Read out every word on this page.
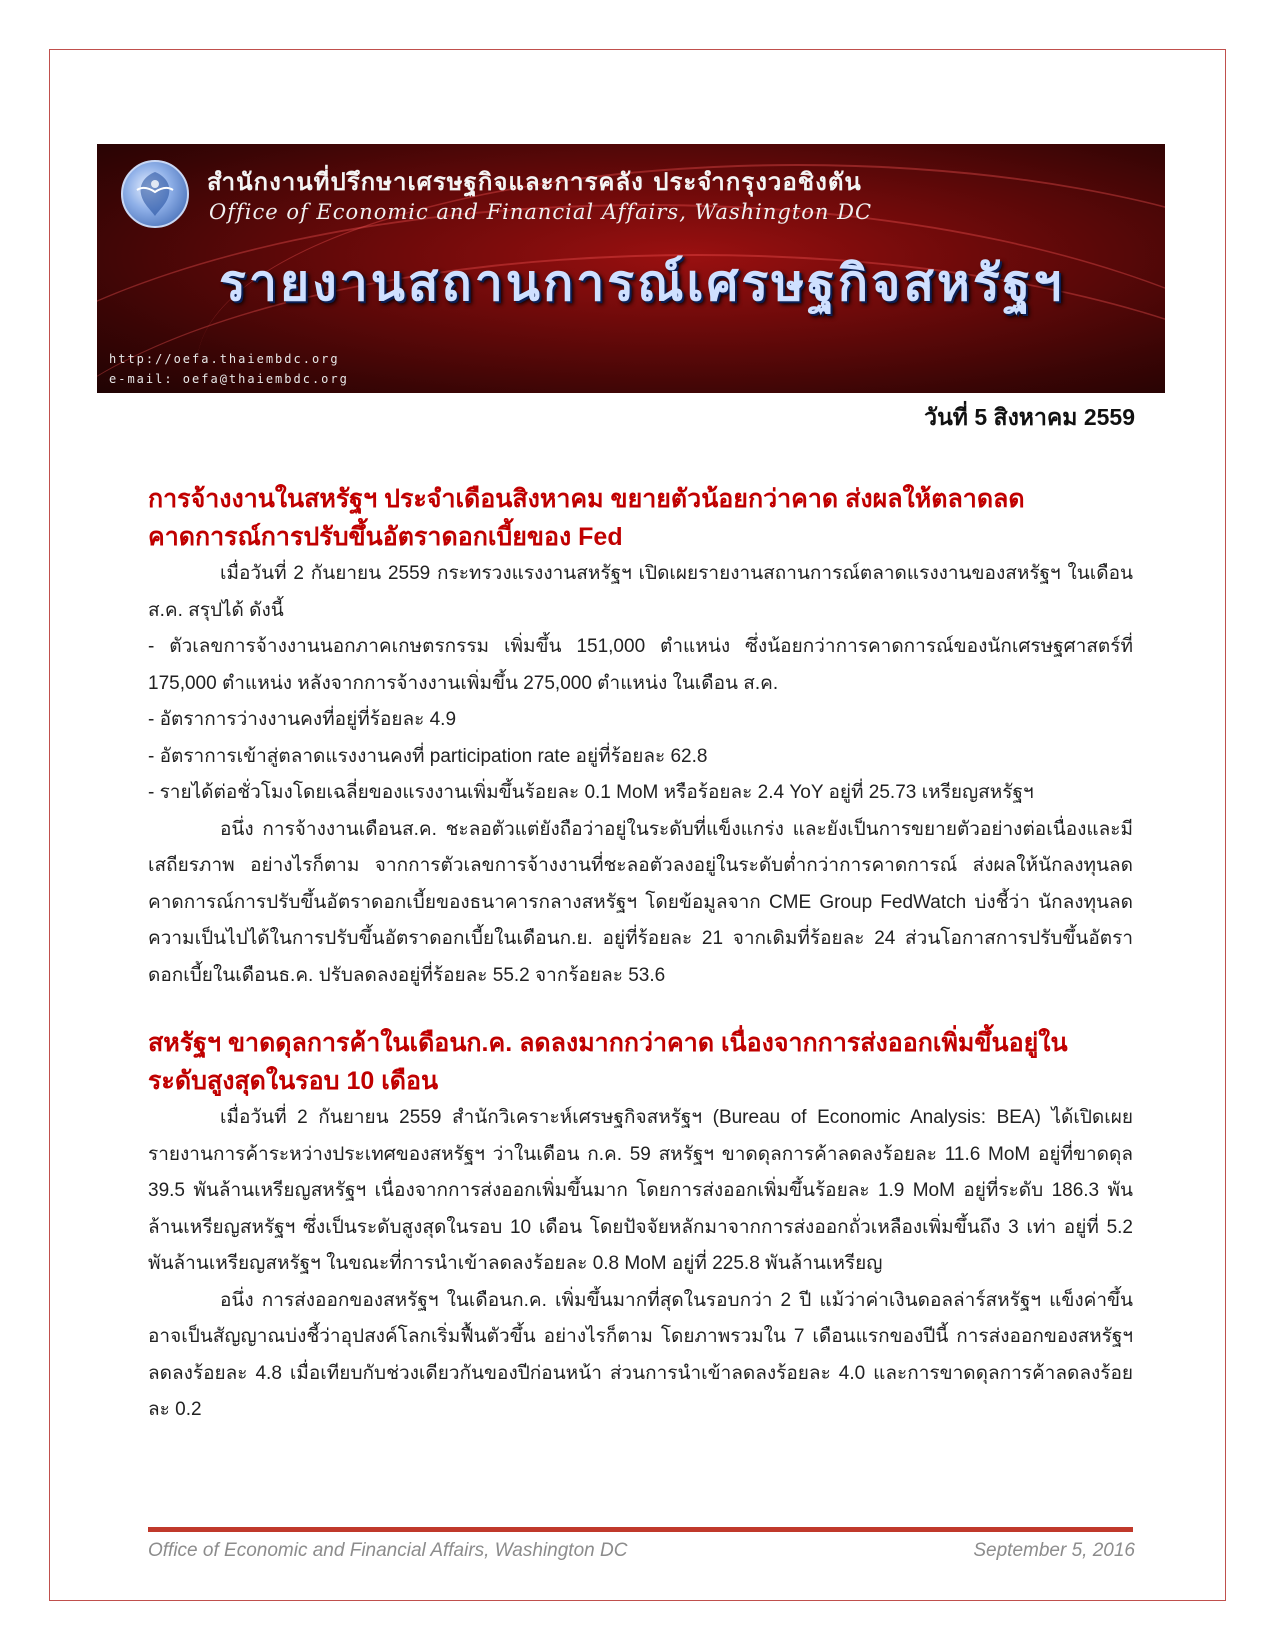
สำนักงานที่ปรึกษาเศรษฐกิจและการคลัง ประจำกรุงวอชิงตัน
Office of Economic and Financial Affairs, Washington DC
รายงานสถานการณ์เศรษฐกิจสหรัฐฯ
http://oefa.thaiembdc.org
e-mail: oefa@thaiembdc.org
วันที่ 5 สิงหาคม 2559
การจ้างงานในสหรัฐฯ ประจำเดือนสิงหาคม ขยายตัวน้อยกว่าคาด ส่งผลให้ตลาดลด
คาดการณ์การปรับขึ้นอัตราดอกเบี้ยของ Fed

เมื่อวันที่ 2 กันยายน 2559 กระทรวงแรงงานสหรัฐฯ เปิดเผยรายงานสถานการณ์ตลาดแรงงานของสหรัฐฯ ในเดือนส.ค. สรุปได้ ดังนี้

- ตัวเลขการจ้างงานนอกภาคเกษตรกรรม เพิ่มขึ้น 151,000 ตำแหน่ง ซึ่งน้อยกว่าการคาดการณ์ของนักเศรษฐศาสตร์ที่ 175,000 ตำแหน่ง หลังจากการจ้างงานเพิ่มขึ้น 275,000 ตำแหน่ง ในเดือน ส.ค.

- อัตราการว่างงานคงที่อยู่ที่ร้อยละ 4.9

- อัตราการเข้าสู่ตลาดแรงงานคงที่ participation rate อยู่ที่ร้อยละ 62.8

- รายได้ต่อชั่วโมงโดยเฉลี่ยของแรงงานเพิ่มขึ้นร้อยละ 0.1 MoM หรือร้อยละ 2.4 YoY อยู่ที่ 25.73 เหรียญสหรัฐฯ

อนึ่ง การจ้างงานเดือนส.ค. ชะลอตัวแต่ยังถือว่าอยู่ในระดับที่แข็งแกร่ง และยังเป็นการขยายตัวอย่างต่อเนื่องและมีเสถียรภาพ อย่างไรก็ตาม จากการตัวเลขการจ้างงานที่ชะลอตัวลงอยู่ในระดับต่ำกว่าการคาดการณ์ ส่งผลให้นักลงทุนลดคาดการณ์การปรับขึ้นอัตราดอกเบี้ยของธนาคารกลางสหรัฐฯ โดยข้อมูลจาก CME Group FedWatch บ่งชี้ว่า นักลงทุนลดความเป็นไปได้ในการปรับขึ้นอัตราดอกเบี้ยในเดือนก.ย. อยู่ที่ร้อยละ 21 จากเดิมที่ร้อยละ 24 ส่วนโอกาสการปรับขึ้นอัตราดอกเบี้ยในเดือนธ.ค. ปรับลดลงอยู่ที่ร้อยละ 55.2 จากร้อยละ 53.6

สหรัฐฯ ขาดดุลการค้าในเดือนก.ค. ลดลงมากกว่าคาด เนื่องจากการส่งออกเพิ่มขึ้นอยู่ใน
ระดับสูงสุดในรอบ 10 เดือน

เมื่อวันที่ 2 กันยายน 2559 สำนักวิเคราะห์เศรษฐกิจสหรัฐฯ (Bureau of Economic Analysis: BEA) ได้เปิดเผยรายงานการค้าระหว่างประเทศของสหรัฐฯ ว่าในเดือน ก.ค. 59 สหรัฐฯ ขาดดุลการค้าลดลงร้อยละ 11.6 MoM อยู่ที่ขาดดุล 39.5 พันล้านเหรียญสหรัฐฯ เนื่องจากการส่งออกเพิ่มขึ้นมาก โดยการส่งออกเพิ่มขึ้นร้อยละ 1.9 MoM อยู่ที่ระดับ 186.3 พันล้านเหรียญสหรัฐฯ ซึ่งเป็นระดับสูงสุดในรอบ 10 เดือน โดยปัจจัยหลักมาจากการส่งออกถั่วเหลืองเพิ่มขึ้นถึง 3 เท่า อยู่ที่ 5.2 พันล้านเหรียญสหรัฐฯ ในขณะที่การนำเข้าลดลงร้อยละ 0.8 MoM อยู่ที่ 225.8 พันล้านเหรียญ

อนึ่ง การส่งออกของสหรัฐฯ ในเดือนก.ค. เพิ่มขึ้นมากที่สุดในรอบกว่า 2 ปี แม้ว่าค่าเงินดอลล่าร์สหรัฐฯ แข็งค่าขึ้น อาจเป็นสัญญาณบ่งชี้ว่าอุปสงค์โลกเริ่มฟื้นตัวขึ้น อย่างไรก็ตาม โดยภาพรวมใน 7 เดือนแรกของปีนี้ การส่งออกของสหรัฐฯ ลดลงร้อยละ 4.8 เมื่อเทียบกับช่วงเดียวกันของปีก่อนหน้า ส่วนการนำเข้าลดลงร้อยละ 4.0 และการขาดดุลการค้าลดลงร้อยละ 0.2

Office of Economic and Financial Affairs, Washington DC	September 5, 2016
